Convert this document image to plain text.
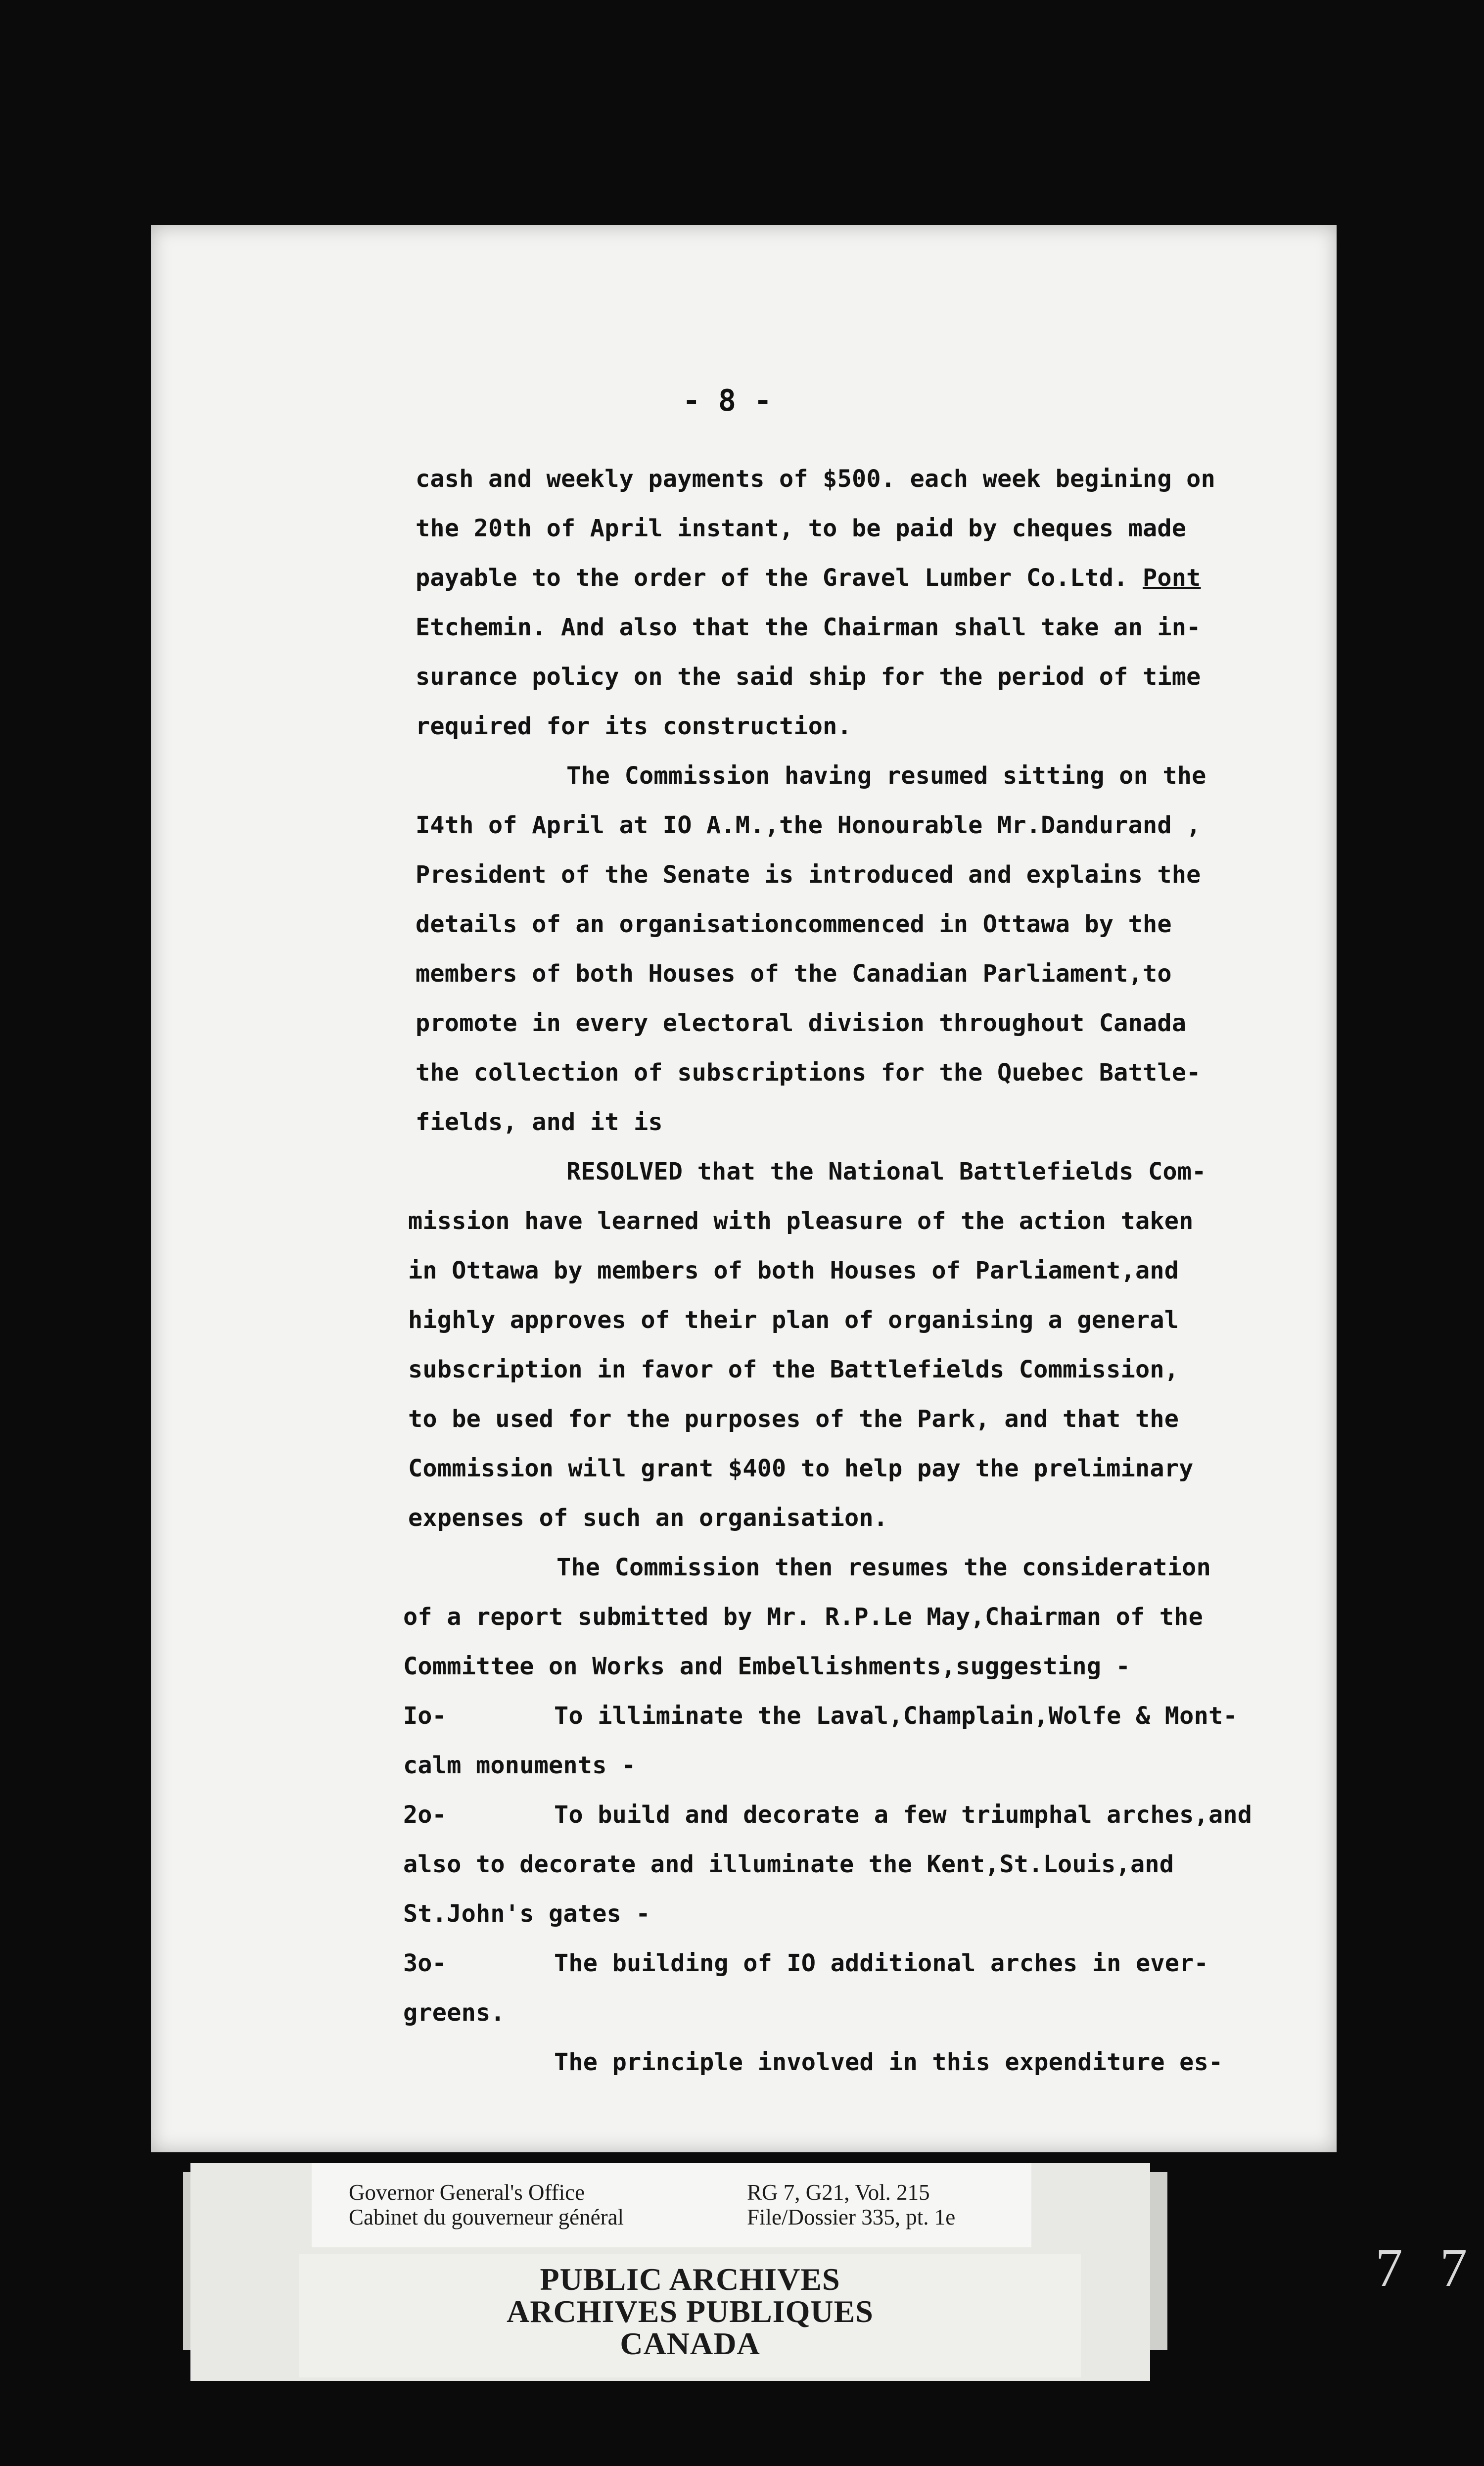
- 8 -
cash and weekly payments of $500. each week begining on
the 20th of April instant, to be paid by cheques made
payable to the order of the Gravel Lumber Co.Ltd. Pont
Etchemin. And also that the Chairman shall take an in-
surance policy on the said ship for the period of time
required for its construction.
The Commission having resumed sitting on the
I4th of April at IO A.M.,the Honourable Mr.Dandurand ,
President of the Senate is introduced and explains the
details of an organisationcommenced in Ottawa by the
members of both Houses of the Canadian Parliament,to
promote in every electoral division throughout Canada
the collection of subscriptions for the Quebec Battle-
fields, and it is
RESOLVED that the National Battlefields Com-
mission have learned with pleasure of the action taken
in Ottawa by members of both Houses of Parliament,and
highly approves of their plan of organising a general
subscription in favor of the Battlefields Commission,
to be used for the purposes of the Park, and that the
Commission will grant $400 to help pay the preliminary
expenses of such an organisation.
The Commission then resumes the consideration
of a report submitted by Mr. R.P.Le May,Chairman of the
Committee on Works and Embellishments,suggesting -
Io-	To illiminate the Laval,Champlain,Wolfe & Mont-
calm monuments -
2o-	To build and decorate a few triumphal arches,and
also to decorate and illuminate the Kent,St.Louis,and
St.John's gates -
3o-	The building of IO additional arches in ever-
greens.
The principle involved in this expenditure es-
Governor General's Office
Cabinet du gouverneur général
RG 7, G21, Vol. 215
File/Dossier 335, pt. 1e
PUBLIC ARCHIVES
ARCHIVES PUBLIQUES
CANADA
7 7
